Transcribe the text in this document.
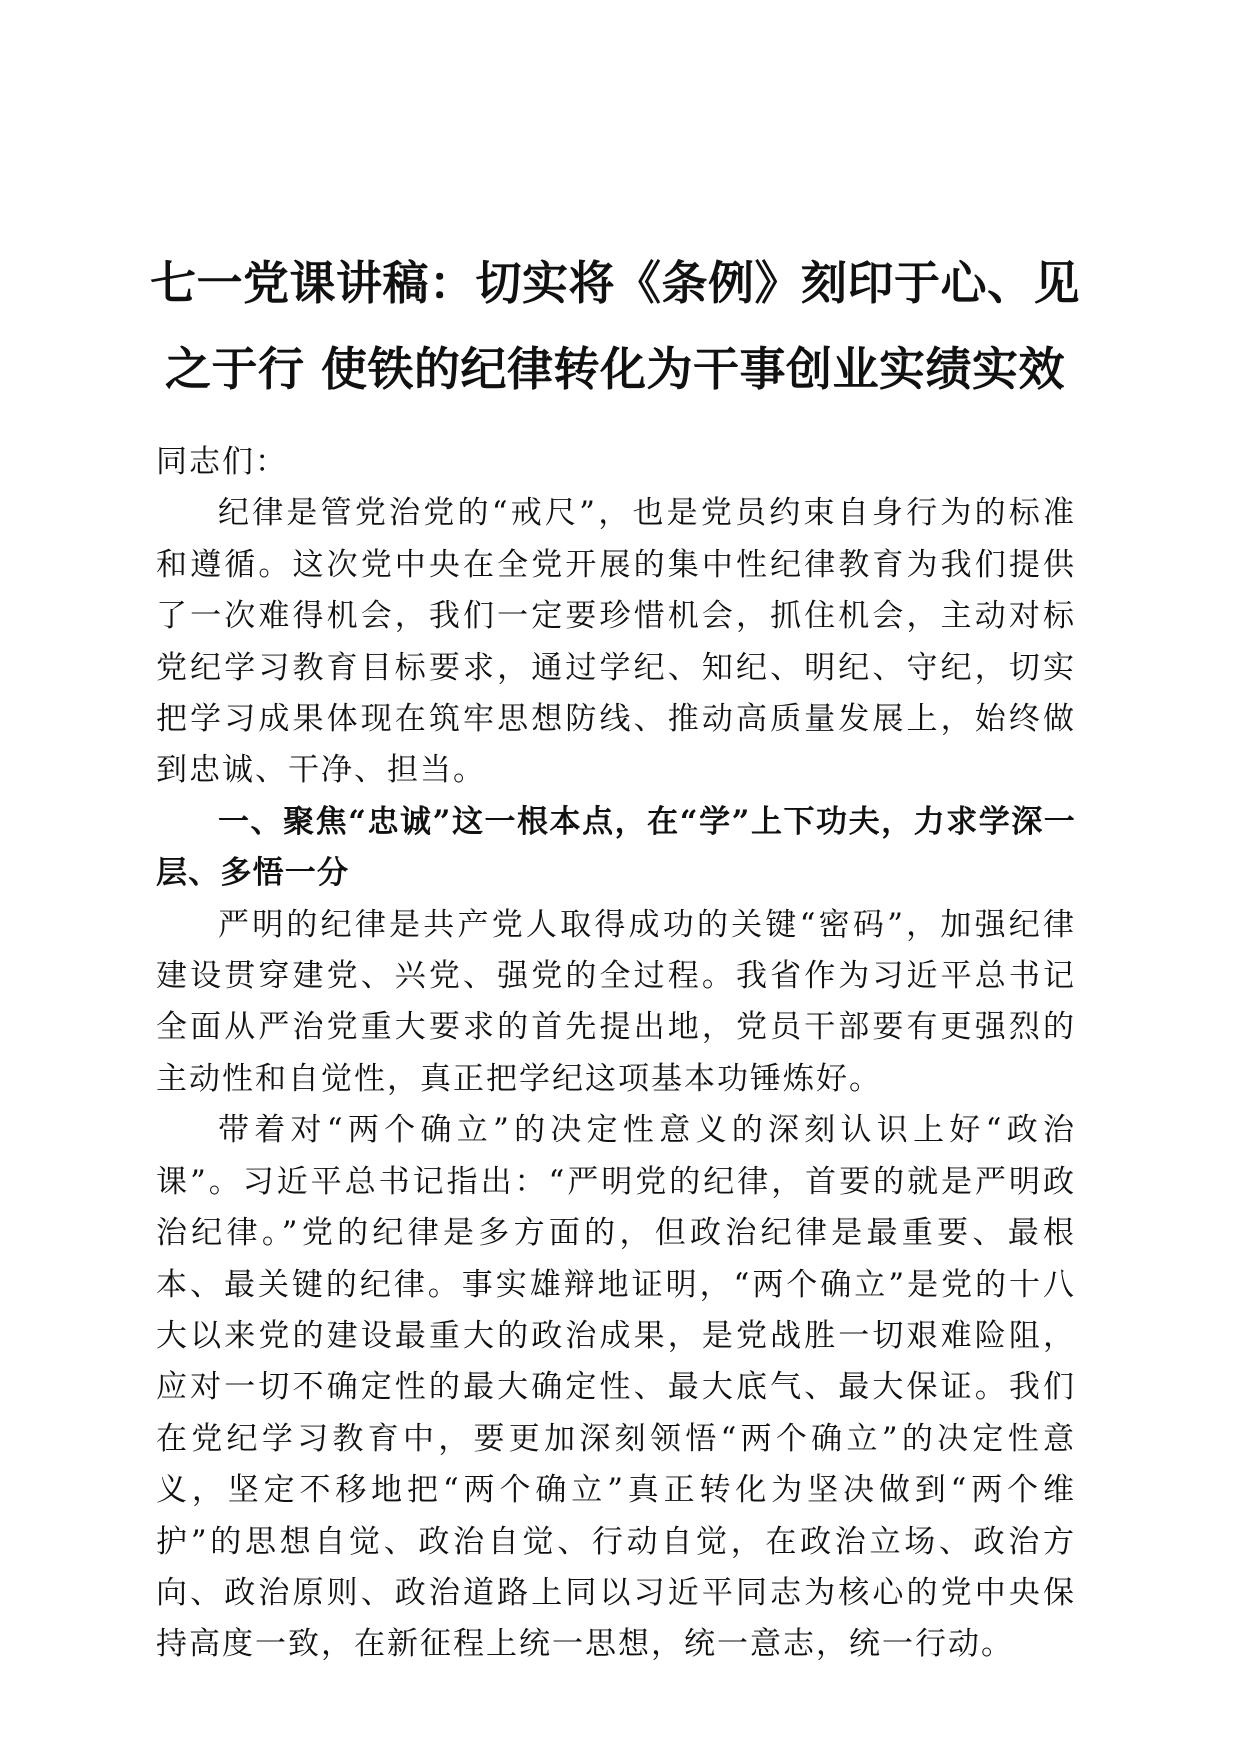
七一党课讲稿：切实将《条例》刻印于心、见
之于行 使铁的纪律转化为干事创业实绩实效

同志们：

纪律是管党治党的“戒尺”，也是党员约束自身行为的标准和遵循。这次党中央在全党开展的集中性纪律教育为我们提供了一次难得机会，我们一定要珍惜机会，抓住机会，主动对标党纪学习教育目标要求，通过学纪、知纪、明纪、守纪，切实把学习成果体现在筑牢思想防线、推动高质量发展上，始终做到忠诚、干净、担当。

一、聚焦“忠诚”这一根本点，在“学”上下功夫，力求学深一层、多悟一分

严明的纪律是共产党人取得成功的关键“密码”，加强纪律建设贯穿建党、兴党、强党的全过程。我省作为习近平总书记全面从严治党重大要求的首先提出地，党员干部要有更强烈的主动性和自觉性，真正把学纪这项基本功锤炼好。

带着对“两个确立”的决定性意义的深刻认识上好“政治课”。习近平总书记指出：“严明党的纪律，首要的就是严明政治纪律。”党的纪律是多方面的，但政治纪律是最重要、最根本、最关键的纪律。事实雄辩地证明，“两个确立”是党的十八大以来党的建设最重大的政治成果，是党战胜一切艰难险阻，应对一切不确定性的最大确定性、最大底气、最大保证。我们在党纪学习教育中，要更加深刻领悟“两个确立”的决定性意义，坚定不移地把“两个确立”真正转化为坚决做到“两个维护”的思想自觉、政治自觉、行动自觉，在政治立场、政治方向、政治原则、政治道路上同以习近平同志为核心的党中央保持高度一致，在新征程上统一思想，统一意志，统一行动。
